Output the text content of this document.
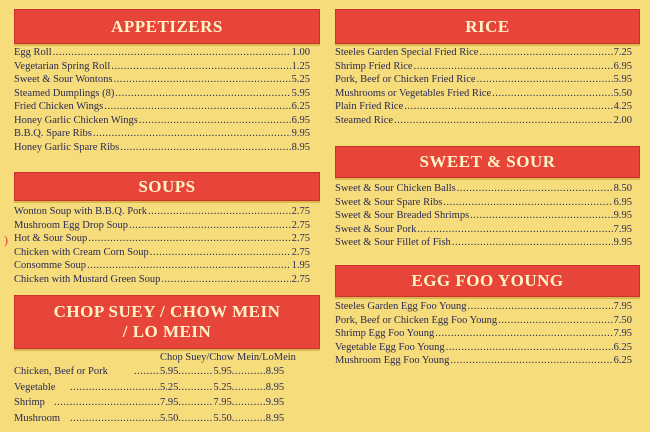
APPETIZERS
Egg Roll .....	1.00
Vegetarian Spring Roll .....	1.25
Sweet & Sour Wontons .....	5.25
Steamed Dumplings (8) .....	5.95
Fried Chicken Wings .....	6.25
Honey Garlic Chicken Wings .....	6.95
B.B.Q. Spare Ribs .....	9.95
Honey Garlic Spare Ribs .....	8.95
SOUPS
)
Wonton Soup with B.B.Q. Pork .....	2.75
Mushroom Egg Drop Soup .....	2.75
Hot & Sour Soup .....	2.75
Chicken with Cream Corn Soup .....	2.75
Consomme Soup .....	1.95
Chicken with Mustard Green Soup .....	2.75
CHOP SUEY / CHOW MEIN
/ LO MEIN
Chop Suey/Chow Mein/LoMein
Chicken, Beef or Pork .....	5.95 .....	5.95 .....	8.95
Vegetable .....	5.25 .....	5.25 .....	8.95
Shrimp .....	7.95 .....	7.95 .....	9.95
Mushroom .....	5.50 .....	5.50 .....	8.95
RICE
Steeles Garden Special Fried Rice .....	7.25
Shrimp Fried Rice .....	6.95
Pork, Beef or Chicken Fried Rice .....	5.95
Mushrooms or Vegetables Fried Rice .....	5.50
Plain Fried Rice .....	4.25
Steamed Rice .....	2.00
SWEET & SOUR
Sweet & Sour Chicken Balls .....	8.50
Sweet & Sour Spare Ribs .....	6.95
Sweet & Sour Breaded Shrimps .....	9.95
Sweet & Sour Pork .....	7.95
Sweet & Sour Fillet of Fish .....	9.95
EGG FOO YOUNG
Steeles Garden Egg Foo Young .....	7.95
Pork, Beef or Chicken Egg Foo Young .....	7.50
Shrimp Egg Foo Young .....	7.95
Vegetable Egg Foo Young .....	6.25
Mushroom Egg Foo Young .....	6.25
